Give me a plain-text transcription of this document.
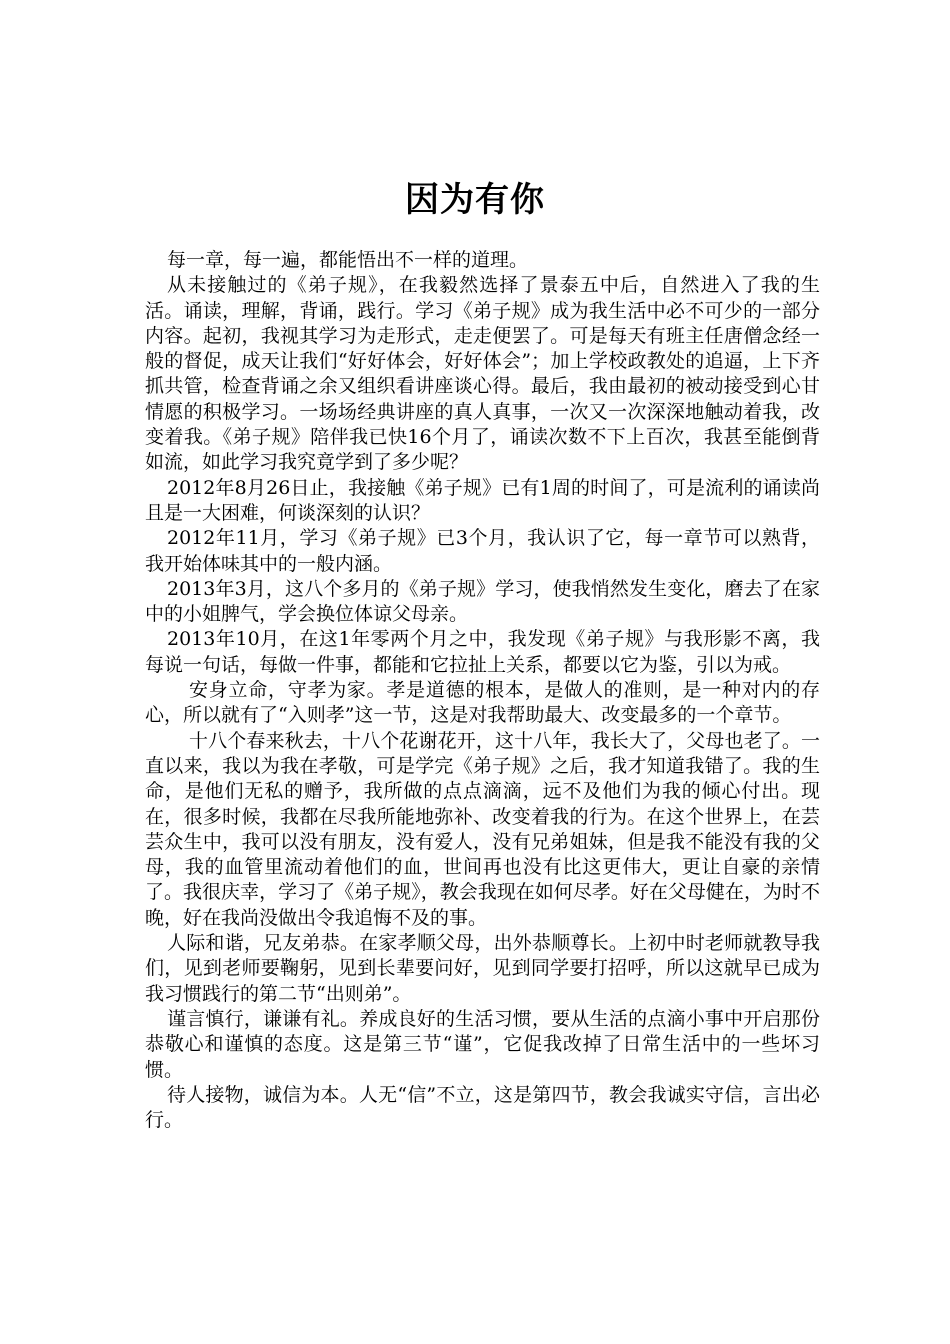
因为有你

每一章，每一遍，都能悟出不一样的道理。

从未接触过的《弟子规》，在我毅然选择了景泰五中后，自然进入了我的生活。诵读，理解，背诵，践行。学习《弟子规》成为我生活中必不可少的一部分内容。起初，我视其学习为走形式，走走便罢了。可是每天有班主任唐僧念经一般的督促，成天让我们“好好体会，好好体会”；加上学校政教处的追逼，上下齐抓共管，检查背诵之余又组织看讲座谈心得。最后，我由最初的被动接受到心甘情愿的积极学习。一场场经典讲座的真人真事，一次又一次深深地触动着我，改变着我。《弟子规》陪伴我已快16个月了，诵读次数不下上百次，我甚至能倒背如流，如此学习我究竟学到了多少呢？

2012年8月26日止，我接触《弟子规》已有1周的时间了，可是流利的诵读尚且是一大困难，何谈深刻的认识？

2012年11月，学习《弟子规》已3个月，我认识了它，每一章节可以熟背，我开始体味其中的一般内涵。

2013年3月，这八个多月的《弟子规》学习，使我悄然发生变化，磨去了在家中的小姐脾气，学会换位体谅父母亲。

2013年10月，在这1年零两个月之中，我发现《弟子规》与我形影不离，我每说一句话，每做一件事，都能和它拉扯上关系，都要以它为鉴，引以为戒。

安身立命，守孝为家。孝是道德的根本，是做人的准则，是一种对内的存心，所以就有了“入则孝”这一节，这是对我帮助最大、改变最多的一个章节。

十八个春来秋去，十八个花谢花开，这十八年，我长大了，父母也老了。一直以来，我以为我在孝敬，可是学完《弟子规》之后，我才知道我错了。我的生命，是他们无私的赠予，我所做的点点滴滴，远不及他们为我的倾心付出。现在，很多时候，我都在尽我所能地弥补、改变着我的行为。在这个世界上，在芸芸众生中，我可以没有朋友，没有爱人，没有兄弟姐妹，但是我不能没有我的父母，我的血管里流动着他们的血，世间再也没有比这更伟大，更让自豪的亲情了。我很庆幸，学习了《弟子规》，教会我现在如何尽孝。好在父母健在，为时不晚，好在我尚没做出令我追悔不及的事。

人际和谐，兄友弟恭。在家孝顺父母，出外恭顺尊长。上初中时老师就教导我们，见到老师要鞠躬，见到长辈要问好，见到同学要打招呼，所以这就早已成为我习惯践行的第二节“出则弟”。

谨言慎行，谦谦有礼。养成良好的生活习惯，要从生活的点滴小事中开启那份恭敬心和谨慎的态度。这是第三节“谨”，它促我改掉了日常生活中的一些坏习惯。

待人接物，诚信为本。人无“信”不立，这是第四节，教会我诚实守信，言出必行。
